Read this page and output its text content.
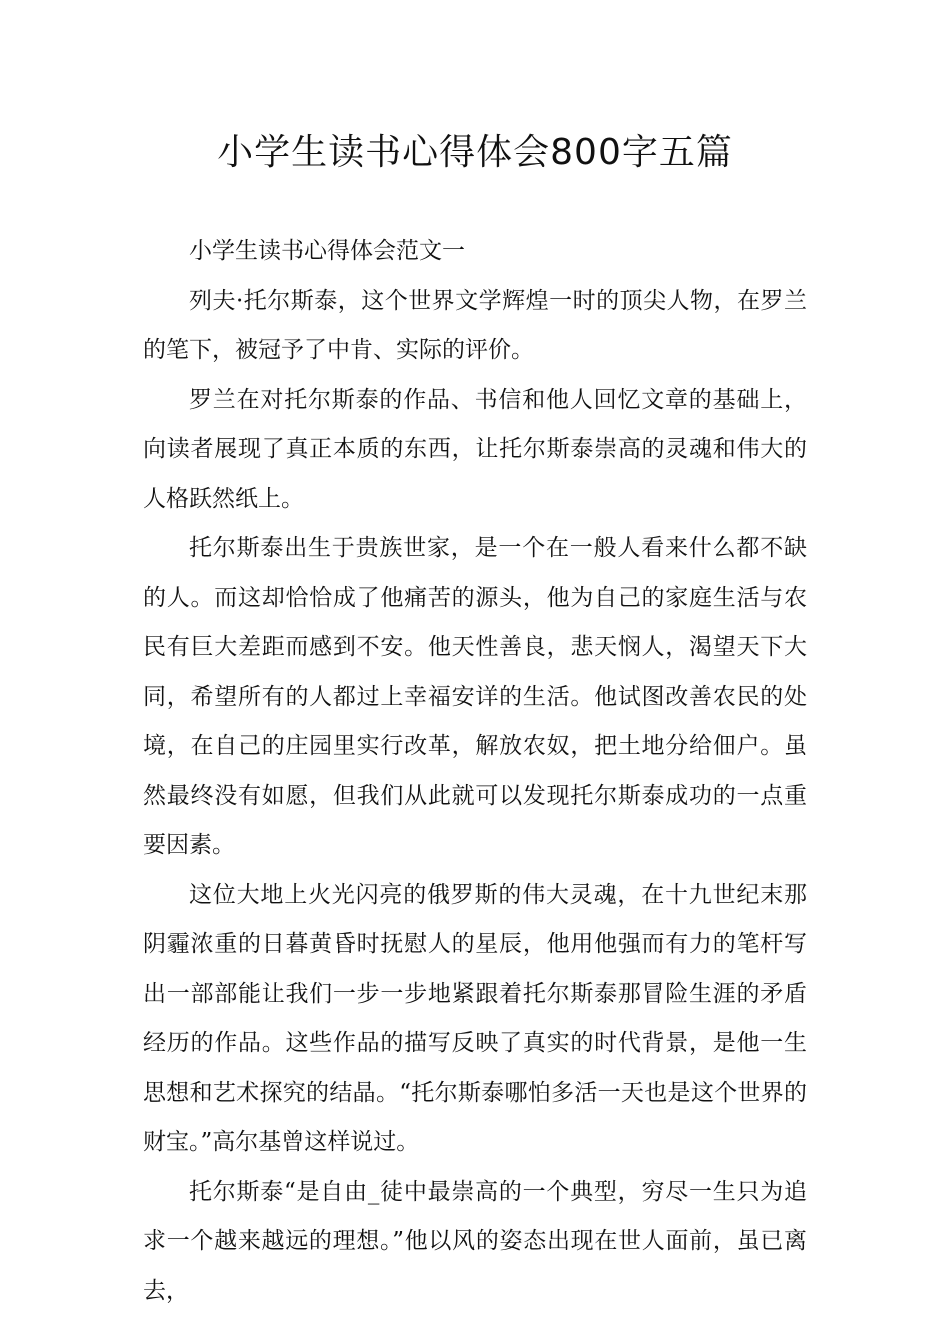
小学生读书心得体会800字五篇

小学生读书心得体会范文一

列夫·托尔斯泰，这个世界文学辉煌一时的顶尖人物，在罗兰的笔下，被冠予了中肯、实际的评价。

罗兰在对托尔斯泰的作品、书信和他人回忆文章的基础上，向读者展现了真正本质的东西，让托尔斯泰崇高的灵魂和伟大的人格跃然纸上。

托尔斯泰出生于贵族世家，是一个在一般人看来什么都不缺的人。而这却恰恰成了他痛苦的源头，他为自己的家庭生活与农民有巨大差距而感到不安。他天性善良，悲天悯人，渴望天下大同，希望所有的人都过上幸福安详的生活。他试图改善农民的处境，在自己的庄园里实行改革，解放农奴，把土地分给佃户。虽然最终没有如愿，但我们从此就可以发现托尔斯泰成功的一点重要因素。

这位大地上火光闪亮的俄罗斯的伟大灵魂，在十九世纪末那阴霾浓重的日暮黄昏时抚慰人的星辰，他用他强而有力的笔杆写出一部部能让我们一步一步地紧跟着托尔斯泰那冒险生涯的矛盾经历的作品。这些作品的描写反映了真实的时代背景，是他一生思想和艺术探究的结晶。“托尔斯泰哪怕多活一天也是这个世界的财宝。”高尔基曾这样说过。

托尔斯泰“是自由_徒中最崇高的一个典型，穷尽一生只为追求一个越来越远的理想。”他以风的姿态出现在世人面前，虽已离去，
